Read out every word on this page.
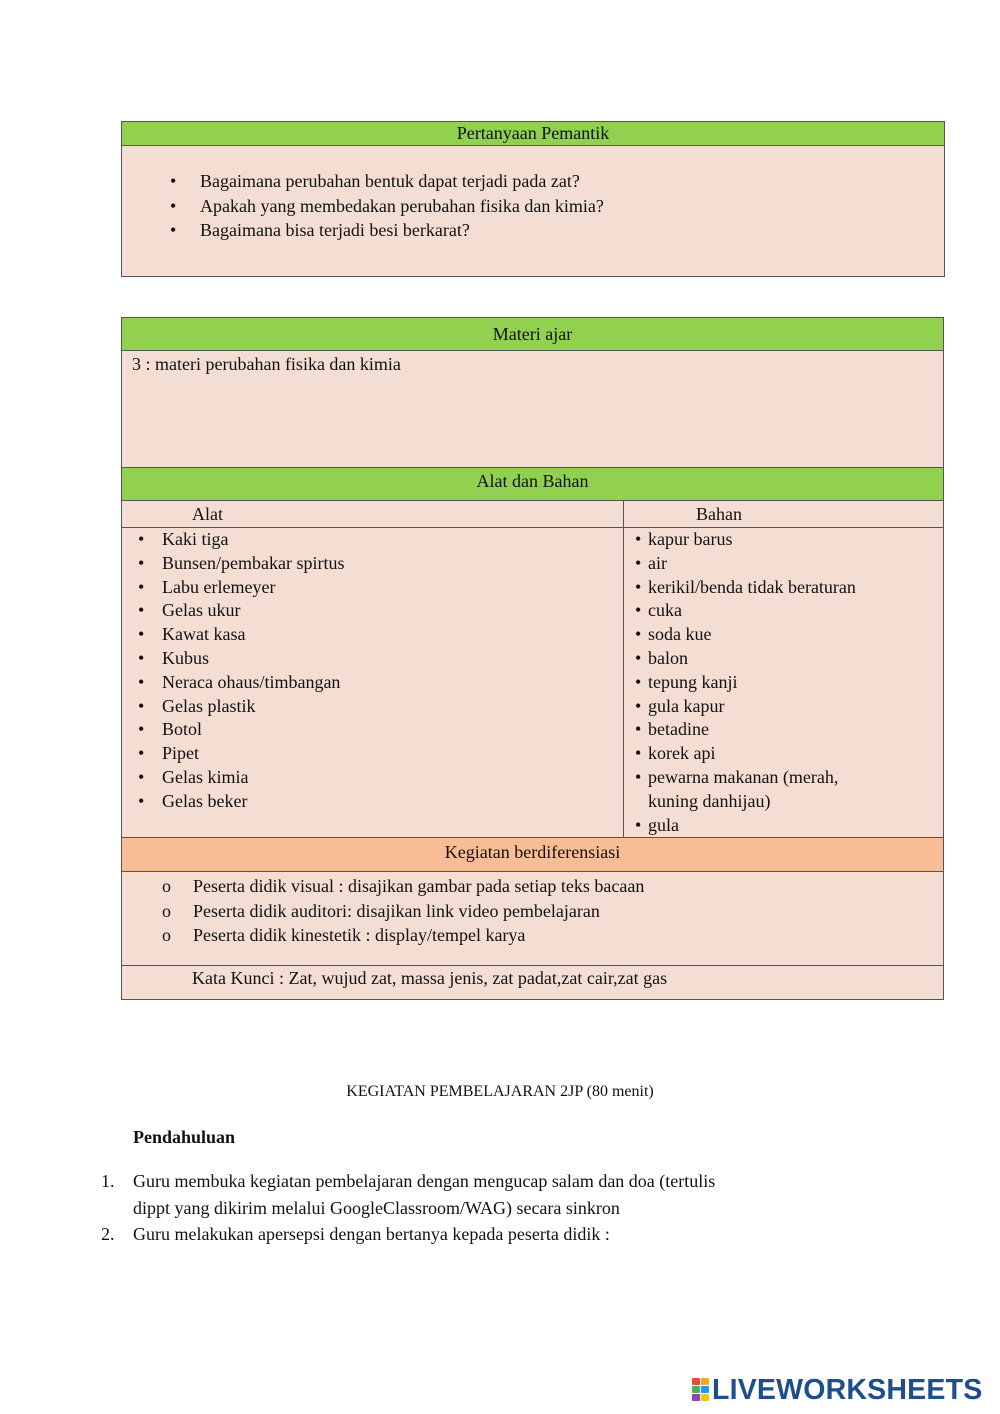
Pertanyaan Pemantik
• Bagaimana perubahan bentuk dapat terjadi pada zat?
• Apakah yang membedakan perubahan fisika dan kimia?
• Bagaimana bisa terjadi besi berkarat?
Materi ajar
3 : materi perubahan fisika dan kimia
Alat dan Bahan
Alat	Bahan
• Kaki tiga
• Bunsen/pembakar spirtus
• Labu erlemeyer
• Gelas ukur
• Kawat kasa
• Kubus
• Neraca ohaus/timbangan
• Gelas plastik
• Botol
• Pipet
• Gelas kimia
• Gelas beker
• kapur barus
• air
• kerikil/benda tidak beraturan
• cuka
• soda kue
• balon
• tepung kanji
• gula kapur
• betadine
• korek api
• pewarna makanan (merah, kuning danhijau)
• gula
Kegiatan berdiferensiasi
o Peserta didik visual : disajikan gambar pada setiap teks bacaan
o Peserta didik auditori: disajikan link video pembelajaran
o Peserta didik kinestetik : display/tempel karya
Kata Kunci : Zat, wujud zat, massa jenis, zat padat,zat cair,zat gas
KEGIATAN PEMBELAJARAN 2JP (80 menit)
Pendahuluan
1. Guru membuka kegiatan pembelajaran dengan mengucap salam dan doa (tertulis dippt yang dikirim melalui GoogleClassroom/WAG) secara sinkron
2. Guru melakukan apersepsi dengan bertanya kepada peserta didik :
LIVEWORKSHEETS
